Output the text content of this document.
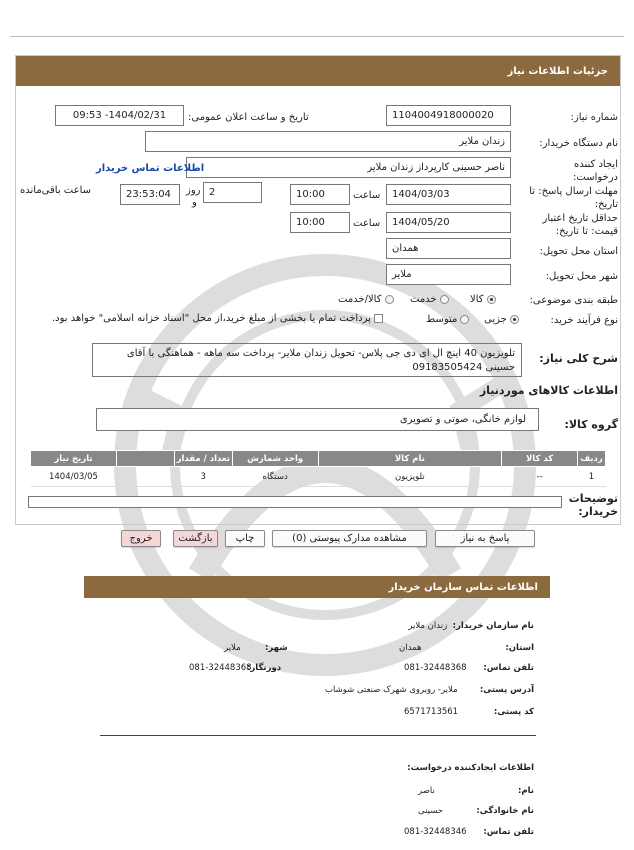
جزئیات اطلاعات نیاز
شماره نیاز:
1104004918000020
تاریخ و ساعت اعلان عمومی:
1404/02/31- 09:53
نام دستگاه خریدار:
زندان ملایر
ایجاد کننده درخواست:
ناصر حسینی کارپرداز زندان ملایر
اطلاعات تماس خریدار
مهلت ارسال پاسخ: تا تاریخ:
1404/03/03
ساعت
10:00
2
روز
و
23:53:04
ساعت باقی‌مانده
حداقل تاریخ اعتبار قیمت: تا تاریخ:
1404/05/20
ساعت
10:00
استان محل تحویل:
همدان
شهر محل تحویل:
ملایر
طبقه بندی موضوعی:
کالا
خدمت
کالا/خدمت
نوع فرآیند خرید:
جزیی
متوسط
پرداخت تمام یا بخشی از مبلغ خرید،از محل "اسناد خزانه اسلامی" خواهد بود.
شرح کلی نیاز:
تلویزیون 40 اینچ ال ای دی جی پلاس- تحویل زندان ملایر- پرداخت سه ماهه - هماهنگی با آقای حسینی 09183505424
اطلاعات کالاهای موردنیاز
گروه کالا:
لوازم خانگی، صوتی و تصویری
ردیف	کد کالا	نام کالا	واحد شمارش	تعداد / مقدار		تاریخ نیاز
1	--	تلویزیون	دستگاه	3		1404/03/05
توضیحات خریدار:
پاسخ به نیاز
مشاهده مدارک پیوستی (0)
چاپ
بازگشت
خروج
اطلاعات تماس سازمان خریدار
نام سازمان خریدار:  زندان ملایر
استان:
همدان
شهر:
ملایر
تلفن تماس:
081-32448368
دورنگار:
081-32448368
آدرس پستی:
ملایر- روبروی شهرک صنعتی شوشاب
کد پستی:
6571713561
اطلاعات ایجادکننده درخواست:
نام:
ناصر
نام خانوادگی:
حسینی
تلفن تماس:
081-32448346
